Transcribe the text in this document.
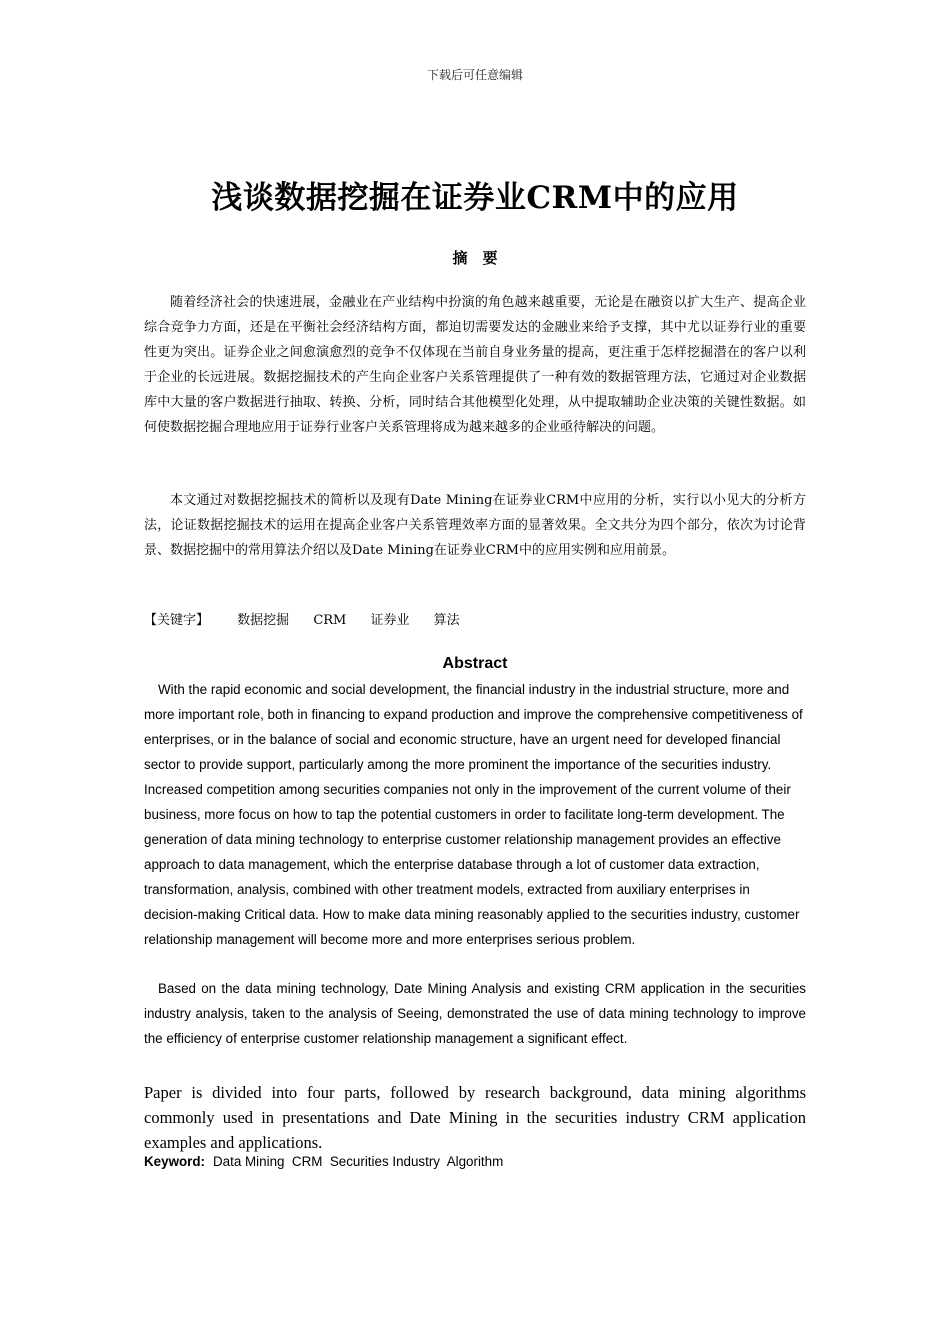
下载后可任意编辑
浅谈数据挖掘在证券业CRM中的应用
摘　要

随着经济社会的快速进展，金融业在产业结构中扮演的角色越来越重要，无论是在融资以扩大生产、提高企业综合竞争力方面，还是在平衡社会经济结构方面，都迫切需要发达的金融业来给予支撑，其中尤以证券行业的重要性更为突出。证券企业之间愈演愈烈的竞争不仅体现在当前自身业务量的提高，更注重于怎样挖掘潜在的客户以利于企业的长远进展。数据挖掘技术的产生向企业客户关系管理提供了一种有效的数据管理方法，它通过对企业数据库中大量的客户数据进行抽取、转换、分析，同时结合其他模型化处理，从中提取辅助企业决策的关键性数据。如何使数据挖掘合理地应用于证券行业客户关系管理将成为越来越多的企业亟待解决的问题。

本文通过对数据挖掘技术的简析以及现有Date Mining在证券业CRM中应用的分析，实行以小见大的分析方法，论证数据挖掘技术的运用在提高企业客户关系管理效率方面的显著效果。全文共分为四个部分，依次为讨论背景、数据挖掘中的常用算法介绍以及Date Mining在证券业CRM中的应用实例和应用前景。

【关键字】 数据挖掘 CRM 证券业 算法
Abstract

With the rapid economic and social development, the financial industry in the industrial structure, more and more important role, both in financing to expand production and improve the comprehensive competitiveness of enterprises, or in the balance of social and economic structure, have an urgent need for developed financial sector to provide support, particularly among the more prominent the importance of the securities industry. Increased competition among securities companies not only in the improvement of the current volume of their business, more focus on how to tap the potential customers in order to facilitate long-term development. The generation of data mining technology to enterprise customer relationship management provides an effective approach to data management, which the enterprise database through a lot of customer data extraction, transformation, analysis, combined with other treatment models, extracted from auxiliary enterprises in decision-making Critical data. How to make data mining reasonably applied to the securities industry, customer relationship management will become more and more enterprises serious problem.

Based on the data mining technology, Date Mining Analysis and existing CRM application in the securities industry analysis, taken to the analysis of Seeing, demonstrated the use of data mining technology to improve the efficiency of enterprise customer relationship management a significant effect.

Paper is divided into four parts, followed by research background, data mining algorithms commonly used in presentations and Date Mining in the securities industry CRM application examples and applications.

Keyword: Data Mining  CRM  Securities Industry  Algorithm
